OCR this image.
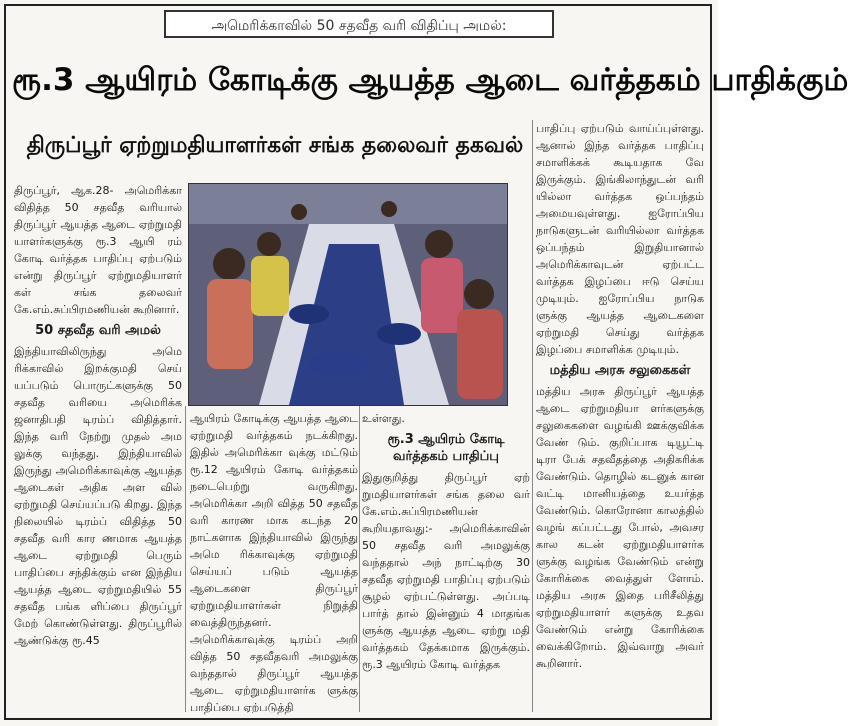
அமெரிக்காவில் 50 சதவீத வரி விதிப்பு அமல்:
ரூ.3 ஆயிரம் கோடிக்கு ஆயத்த ஆடை வர்த்தகம் பாதிக்கும்
திருப்பூர் ஏற்றுமதியாளர்கள் சங்க தலைவர் தகவல்

திருப்பூர், ஆக.28- அமெரிக்கா விதித்த 50 சதவீத வரியால் திருப்பூர் ஆயத்த ஆடை ஏற்றுமதி யாளர்களுக்கு ரூ.3 ஆயி ரம் கோடி வர்த்தக பாதிப்பு ஏற்படும் என்று திருப்பூர் ஏற்றுமதியாளர் கள் சங்க தலைவர் கே.எம்.சுப்பிரமணியன் கூறினார்.

50 சதவீத வரி அமல்

இந்தியாவிலிருந்து அமெ ரிக்காவில் இறக்குமதி செய் யப்படும் பொருட்களுக்கு 50 சதவீத வரியை அமெரிக்க ஜனாதிபதி டிரம்ப் விதித்தார். இந்த வரி நேற்று முதல் அம லுக்கு வந்தது. இந்தியாவில் இருந்து அமெரிக்காவுக்கு ஆயத்த ஆடைகள் அதிக அள வில் ஏற்றுமதி செய்யப்படு கிறது. இந்த நிலையில் டிரம்ப் விதித்த 50 சதவீத வரி கார ணமாக ஆயத்த ஆடை ஏற்றுமதி பெரும் பாதிப்பை சந்திக்கும் என இந்திய ஆயத்த ஆடை ஏற்றுமதியில் 55 சதவீத பங்க ளிப்பை திருப்பூர் மேற் கொண்டுள்ளது. திருப்பூரில் ஆண்டுக்கு ரூ.45

ஆயிரம் கோடிக்கு ஆயத்த ஆடை ஏற்றுமதி வர்த்தகம் நடக்கிறது. இதில் அமெரிக்கா வுக்கு மட்டும் ரூ.12 ஆயிரம் கோடி வர்த்தகம் நடைபெற்று வருகிறது. அமெரிக்கா அறி வித்த 50 சதவீத வரி காரண மாக கடந்த 20 நாட்களாக இந்தியாவில் இருந்து அமெ ரிக்காவுக்கு ஏற்றுமதி செய்யப் படும் ஆயத்த ஆடைகளை திருப்பூர் ஏற்றுமதியாளர்கள் நிறுத்தி வைத்திருந்தனர். அமெரிக்காவுக்கு டிரம்ப் அறி வித்த 50 சதவீதவரி அமலுக்கு வந்ததால் திருப்பூர் ஆயத்த ஆடை ஏற்றுமதியாளர்க ளுக்கு பாதிப்பை ஏற்படுத்தி

உள்ளது.

ரூ.3 ஆயிரம் கோடி வர்த்தகம் பாதிப்பு

இதுகுறித்து திருப்பூர் ஏற் றுமதியாளர்கள் சங்க தலை வர் கே.எம்.சுப்பிரமணியன் கூறியதாவது:- அமெரிக்காவின் 50 சதவீத வரி அமலுக்கு வந்ததால் அந் நாட்டிற்கு 30 சதவீத ஏற்றுமதி பாதிப்பு ஏற்படும் சூழல் ஏற்பட்டுள்ளது. அப்படி பார்த் தால் இன்னும் 4 மாதங்க ளுக்கு ஆயத்த ஆடை ஏற்று மதி வர்த்தகம் தேக்கமாக இருக்கும். ரூ.3 ஆயிரம் கோடி வர்த்தக

பாதிப்பு ஏற்படும் வாய்ப்புள்ளது. ஆனால் இந்த வர்த்தக பாதிப்பு சமாளிக்கக் கூடியதாக வே இருக்கும். இங்கிலாந்துடன் வரி யில்லா வர்த்தக ஒப்பந்தம் அமையவுள்ளது. ஐரோப்பிய நாடுகளுடன் வரியில்லா வர்த்தக ஒப்பந்தம் இறுதியானால் அமெரிக்காவுடன் ஏற்பட்ட வர்த்தக இழப்பை ஈடு செய்ய முடியும். ஐரோப்பிய நாடுக ளுக்கு ஆயத்த ஆடைகளை ஏற்றுமதி செய்து வர்த்தக இழப்பை சமாளிக்க முடியும்.

மத்திய அரசு சலுகைகள்

மத்திய அரசு திருப்பூர் ஆயத்த ஆடை ஏற்றுமதியா ளர்களுக்கு சலுகைகளை வழங்கி ஊக்குவிக்க வேண் டும். குறிப்பாக டியூட்டி டிரா பேக் சதவீதத்தை அதிகரிக்க வேண்டும். தொழில் கடனுக் கான வட்டி மானியத்தை உயர்த்த வேண்டும். கொரோனா காலத்தில் வழங் கப்பட்டது போல், அவசர கால கடன் ஏற்றுமதியாளர்க ளுக்கு வழங்க வேண்டும் என்று கோரிக்கை வைத்துள் ளோம். மத்திய அரசு இதை பரிசீலித்து ஏற்றுமதியாளர் களுக்கு உதவ வேண்டும் என்று கோரிக்கை வைக்கிறோம். இவ்வாறு அவர் கூறினார்.
